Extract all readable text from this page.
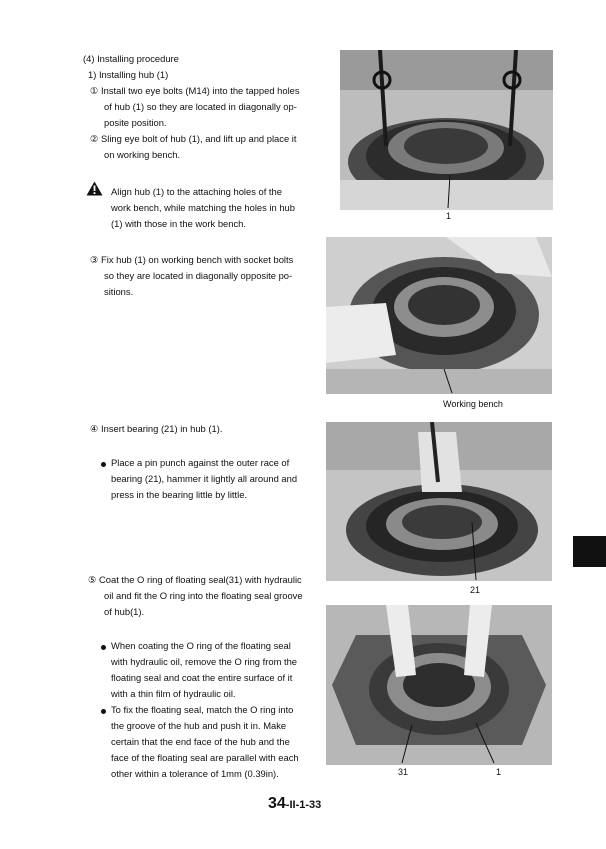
(4) Installing procedure
1) Installing hub (1)
① Install two eye bolts (M14) into the tapped holes
of hub (1) so they are located in diagonally op-
posite position.
② Sling eye bolt of hub (1), and lift up and place it
on working bench.
Align hub (1) to the attaching holes of the
work bench, while matching the holes in hub
(1) with those in the work bench.
③ Fix hub (1) on working bench with socket bolts
so they are located in diagonally opposite po-
sitions.
④ Insert bearing (21) in hub (1).
Place a pin punch against the outer race of
bearing (21), hammer it lightly all around and
press in the bearing little by little.
⑤ Coat the O ring of floating seal(31) with hydraulic
oil and fit the O ring into the floating seal groove
of hub(1).
When coating the O ring of the floating seal
with hydraulic oil, remove the O ring from the
floating seal and coat the entire surface of it
with a thin film of hydraulic oil.
To fix the floating seal, match the O ring into
the groove of the hub and push it in. Make
certain that the end face of the hub and the
face of the floating seal are parallel with each
other within a tolerance of 1mm (0.39in).
1
Working bench
21
31	1
34-II-1-33
